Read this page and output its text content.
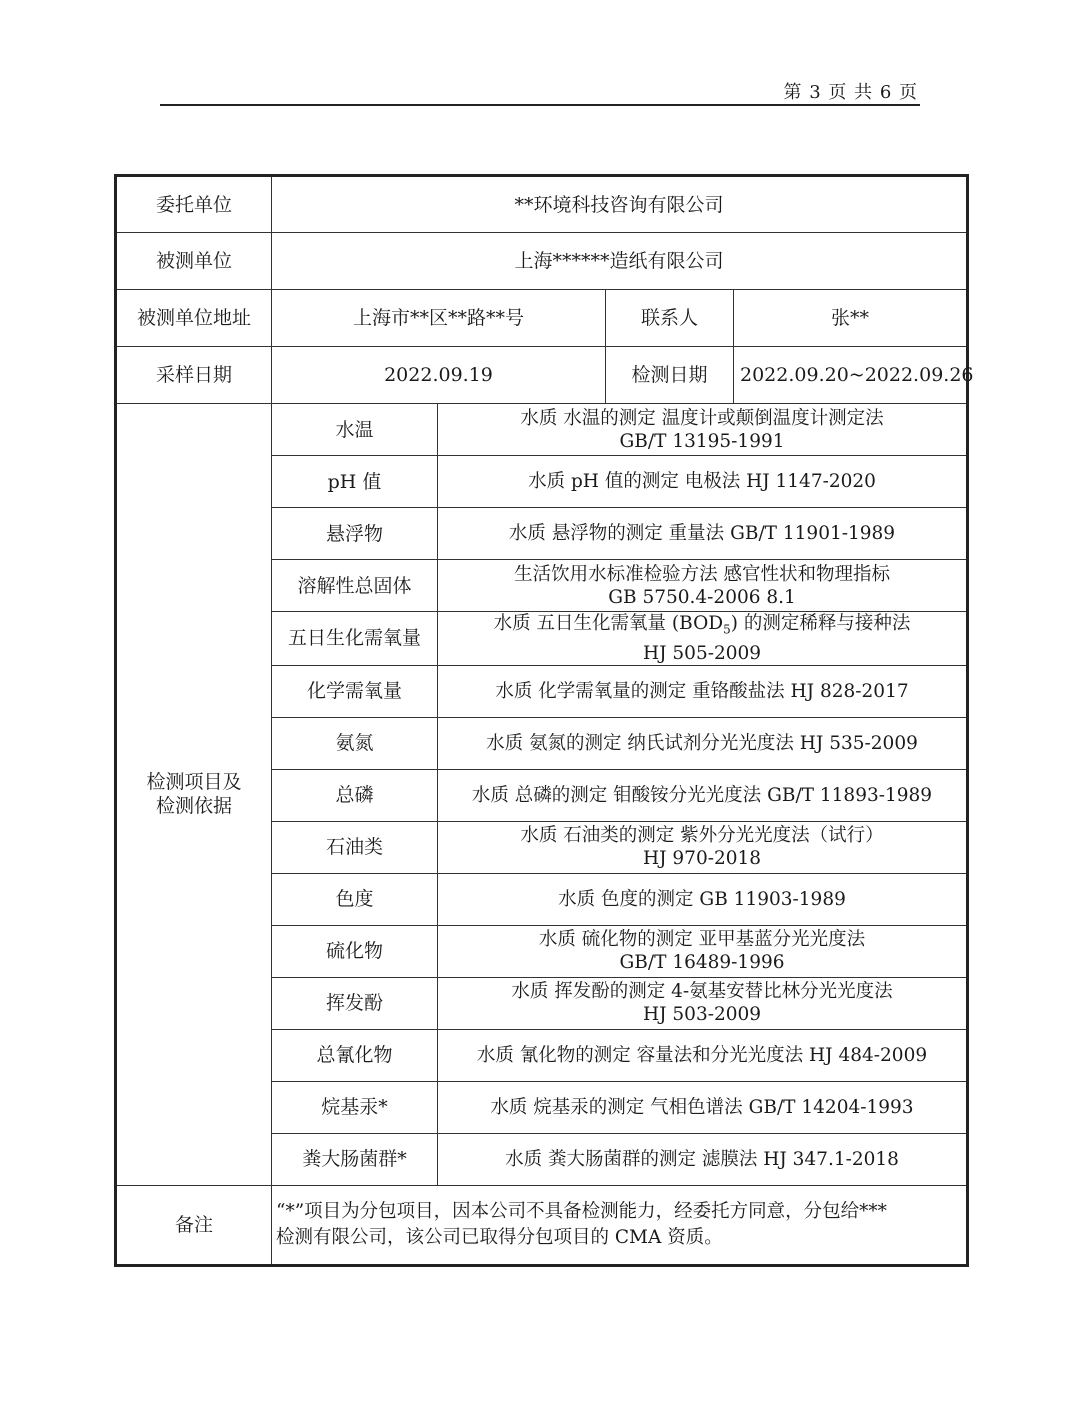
第 3 页 共 6 页
委托单位	**环境科技咨询有限公司			
被测单位	上海******造纸有限公司			
被测单位地址	上海市**区**路**号		联系人	张**
采样日期	2022.09.19		检测日期	2022.09.20~2022.09.26

检测项目及
检测依据	水温	水质 水温的测定 温度计或颠倒温度计测定法
GB/T 13195-1991		

	pH 值	水质 pH 值的测定 电极法 HJ 1147-2020		

	悬浮物	水质 悬浮物的测定 重量法 GB/T 11901-1989		

	溶解性总固体	生活饮用水标准检验方法 感官性状和物理指标
GB 5750.4-2006 8.1		

	五日生化需氧量	水质 五日生化需氧量 $(BOD_5)$ 的测定稀释与接种法
HJ 505-2009		

	化学需氧量	水质 化学需氧量的测定 重铬酸盐法 HJ 828-2017		

	氨氮	水质 氨氮的测定 纳氏试剂分光光度法 HJ 535-2009		

	总磷	水质 总磷的测定 钼酸铵分光光度法 GB/T 11893-1989		

	石油类	水质 石油类的测定 紫外分光光度法（试行）
HJ 970-2018		

	色度	水质 色度的测定 GB 11903-1989		

	硫化物	水质 硫化物的测定 亚甲基蓝分光光度法
GB/T 16489-1996		

	挥发酚	水质 挥发酚的测定 4-氨基安替比林分光光度法
HJ 503-2009		

	总氰化物	水质 氰化物的测定 容量法和分光光度法 HJ 484-2009		

	烷基汞*	水质 烷基汞的测定 气相色谱法 GB/T 14204-1993		

	粪大肠菌群*	水质 粪大肠菌群的测定 滤膜法 HJ 347.1-2018		

备注	“*”项目为分包项目，因本公司不具备检测能力，经委托方同意，分包给***
检测有限公司，该公司已取得分包项目的 CMA 资质。			
